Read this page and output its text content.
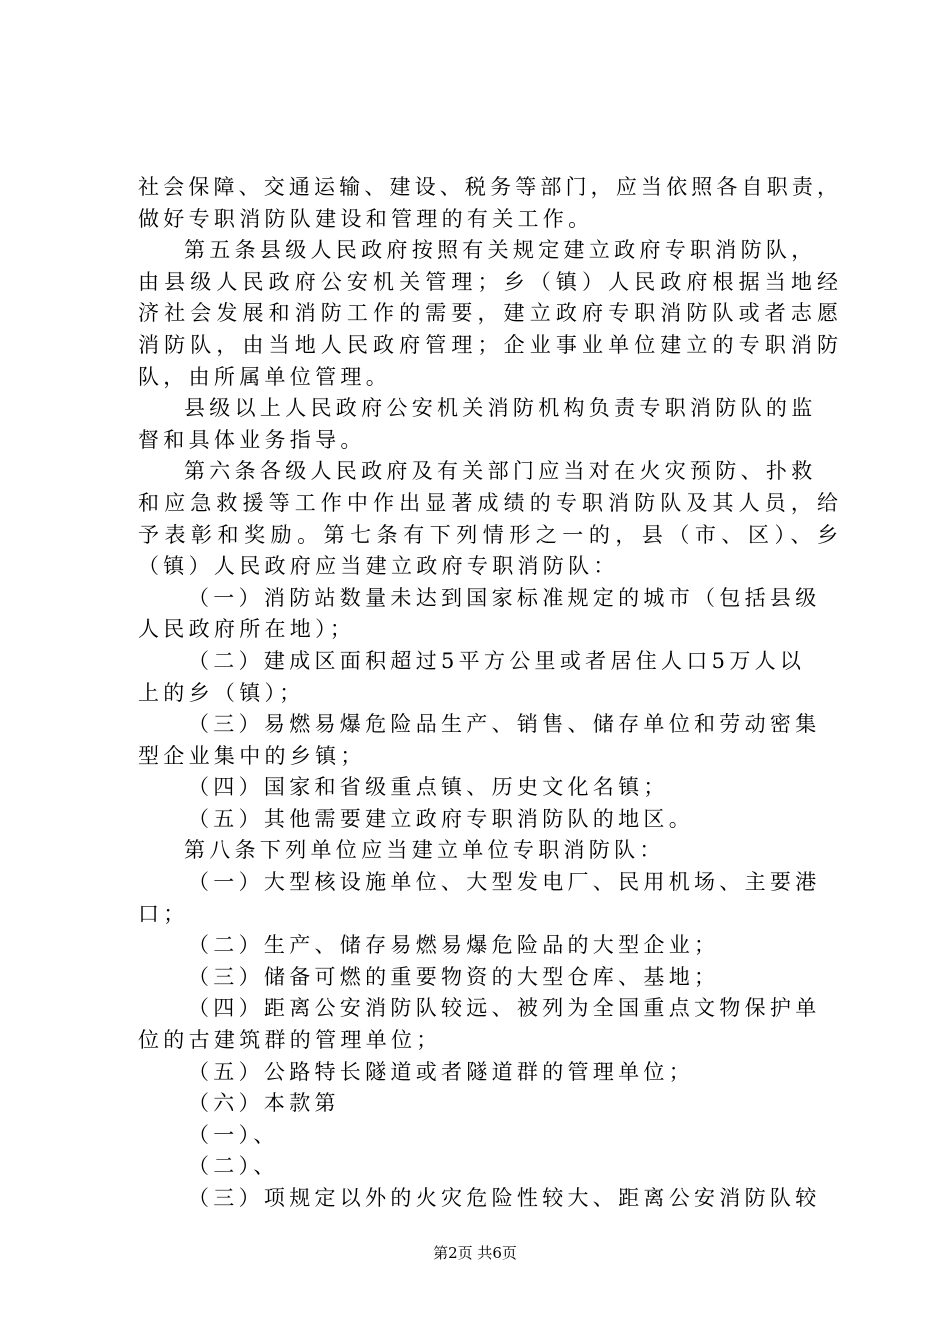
社会保障、交通运输、建设、税务等部门，应当依照各自职责，
做好专职消防队建设和管理的有关工作。
第五条县级人民政府按照有关规定建立政府专职消防队，
由县级人民政府公安机关管理；乡（镇）人民政府根据当地经
济社会发展和消防工作的需要，建立政府专职消防队或者志愿
消防队，由当地人民政府管理；企业事业单位建立的专职消防
队，由所属单位管理。
县级以上人民政府公安机关消防机构负责专职消防队的监
督和具体业务指导。
第六条各级人民政府及有关部门应当对在火灾预防、扑救
和应急救援等工作中作出显著成绩的专职消防队及其人员，给
予表彰和奖励。第七条有下列情形之一的，县（市、区）、乡
（镇）人民政府应当建立政府专职消防队：
（一）消防站数量未达到国家标准规定的城市（包括县级
人民政府所在地）；
（二）建成区面积超过5平方公里或者居住人口5万人以
上的乡（镇）；
（三）易燃易爆危险品生产、销售、储存单位和劳动密集
型企业集中的乡镇；
（四）国家和省级重点镇、历史文化名镇；
（五）其他需要建立政府专职消防队的地区。
第八条下列单位应当建立单位专职消防队：
（一）大型核设施单位、大型发电厂、民用机场、主要港
口；
（二）生产、储存易燃易爆危险品的大型企业；
（三）储备可燃的重要物资的大型仓库、基地；
（四）距离公安消防队较远、被列为全国重点文物保护单
位的古建筑群的管理单位；
（五）公路特长隧道或者隧道群的管理单位；
（六）本款第
（一）、
（二）、
（三）项规定以外的火灾危险性较大、距离公安消防队较
第2页 共6页
